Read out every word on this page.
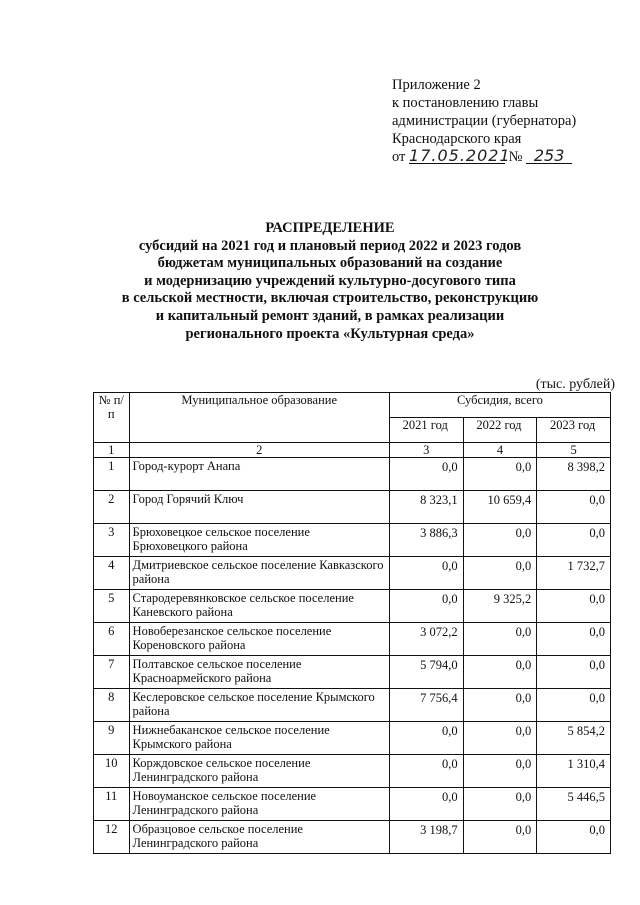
Приложение 2
к постановлению главы
администрации (губернатора)
Краснодарского края
от 17.05.2021 № 253
РАСПРЕДЕЛЕНИЕ
субсидий на 2021 год и плановый период 2022 и 2023 годов
бюджетам муниципальных образований на создание
и модернизацию учреждений культурно-досугового типа
в сельской местности, включая строительство, реконструкцию
и капитальный ремонт зданий, в рамках реализации
регионального проекта «Культурная среда»
(тыс. рублей)
№ п/п	Муниципальное образование	Субсидия, всего		
		2021 год	2022 год	2023 год
1	2	3	4	5
1	Город-курорт Анапа	0,0	0,0	8 398,2
2	Город Горячий Ключ	8 323,1	10 659,4	0,0
3	Брюховецкое сельское поселение Брюховецкого района	3 886,3	0,0	0,0
4	Дмитриевское сельское поселение Кавказского района	0,0	0,0	1 732,7
5	Стародеревянковское сельское поселение Каневского района	0,0	9 325,2	0,0
6	Новоберезанское сельское поселение Кореновского района	3 072,2	0,0	0,0
7	Полтавское сельское поселение Красноармейского района	5 794,0	0,0	0,0
8	Кеслеровское сельское поселение Крымского района	7 756,4	0,0	0,0
9	Нижнебаканское сельское поселение Крымского района	0,0	0,0	5 854,2
10	Корждовское сельское поселение Ленинградского района	0,0	0,0	1 310,4
11	Новоуманское сельское поселение Ленинградского района	0,0	0,0	5 446,5
12	Образцовое сельское поселение Ленинградского района	3 198,7	0,0	0,0
